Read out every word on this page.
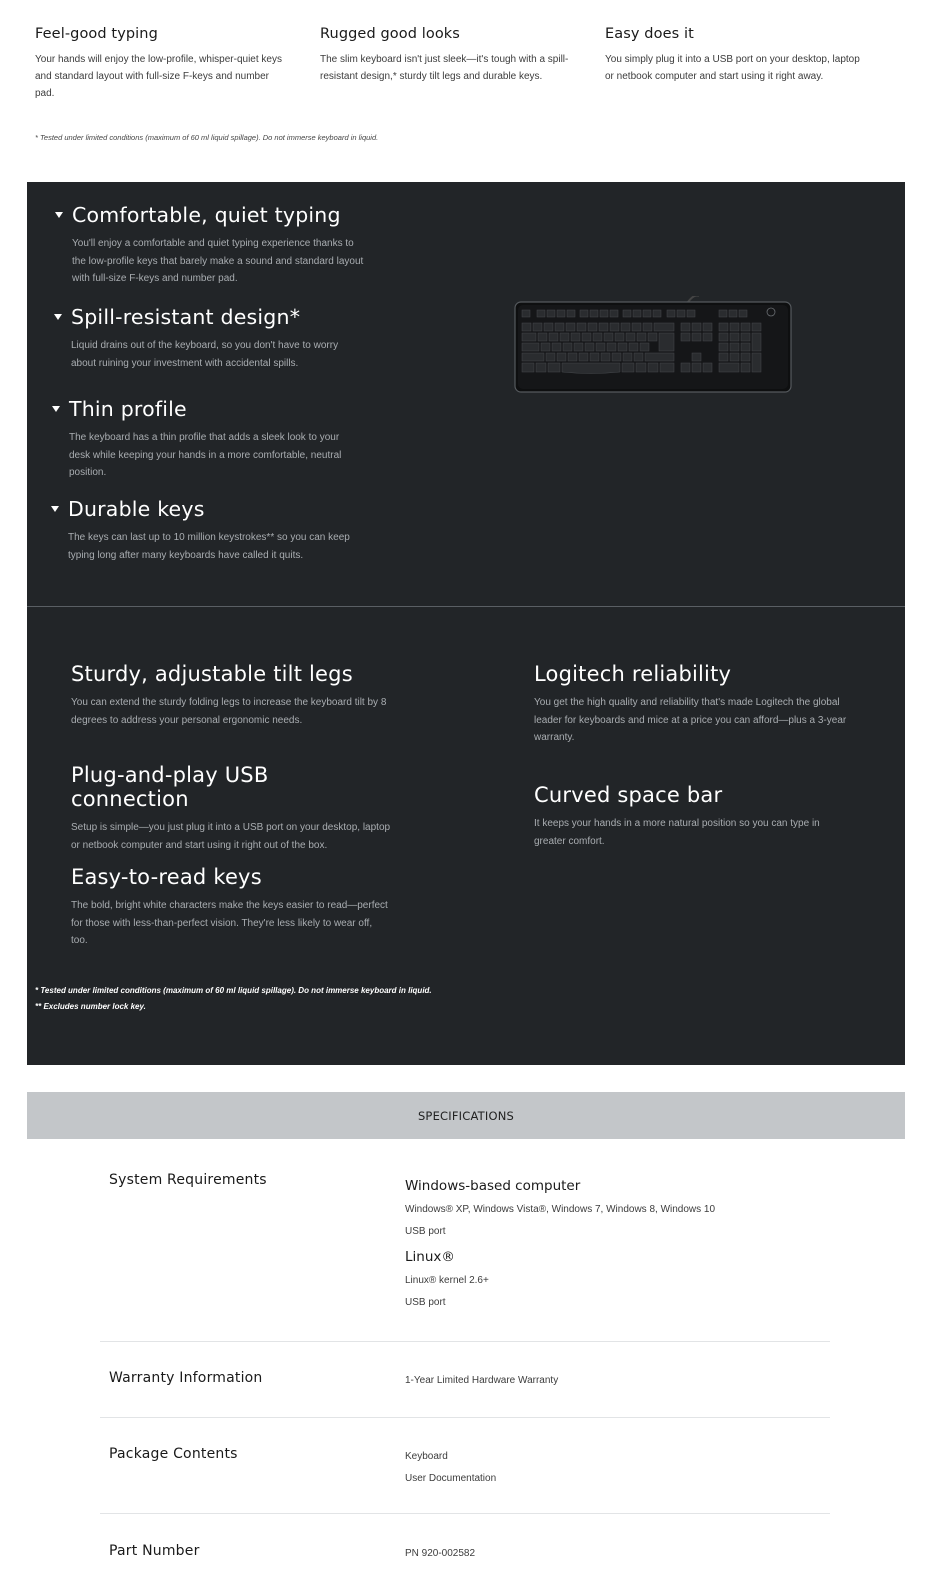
Feel-good typing

Your hands will enjoy the low-profile, whisper-quiet keys and standard layout with full-size F-keys and number pad.

Rugged good looks

The slim keyboard isn't just sleek—it's tough with a spill-resistant design,* sturdy tilt legs and durable keys.

Easy does it

You simply plug it into a USB port on your desktop, laptop or netbook computer and start using it right away.

* Tested under limited conditions (maximum of 60 ml liquid spillage). Do not immerse keyboard in liquid.
Comfortable, quiet typing

You'll enjoy a comfortable and quiet typing experience thanks to the low-profile keys that barely make a sound and standard layout with full-size F-keys and number pad.

Spill-resistant design*

Liquid drains out of the keyboard, so you don't have to worry about ruining your investment with accidental spills.

Thin profile

The keyboard has a thin profile that adds a sleek look to your desk while keeping your hands in a more comfortable, neutral position.

Durable keys

The keys can last up to 10 million keystrokes** so you can keep typing long after many keyboards have called it quits.

Sturdy, adjustable tilt legs

You can extend the sturdy folding legs to increase the keyboard tilt by 8 degrees to address your personal ergonomic needs.

Plug-and-play USB connection

Setup is simple—you just plug it into a USB port on your desktop, laptop or netbook computer and start using it right out of the box.

Easy-to-read keys

The bold, bright white characters make the keys easier to read—perfect for those with less-than-perfect vision. They're less likely to wear off, too.

Logitech reliability

You get the high quality and reliability that's made Logitech the global leader for keyboards and mice at a price you can afford—plus a 3-year warranty.

Curved space bar

It keeps your hands in a more natural position so you can type in greater comfort.

* Tested under limited conditions (maximum of 60 ml liquid spillage). Do not immerse keyboard in liquid.
** Excludes number lock key.
SPECIFICATIONS
System Requirements	Windows-based computer
Windows® XP, Windows Vista®, Windows 7, Windows 8, Windows 10
USB port
Linux®
Linux® kernel 2.6+
USB port
Warranty Information	1-Year Limited Hardware Warranty
Package Contents	Keyboard
User Documentation
Part Number	PN 920-002582
